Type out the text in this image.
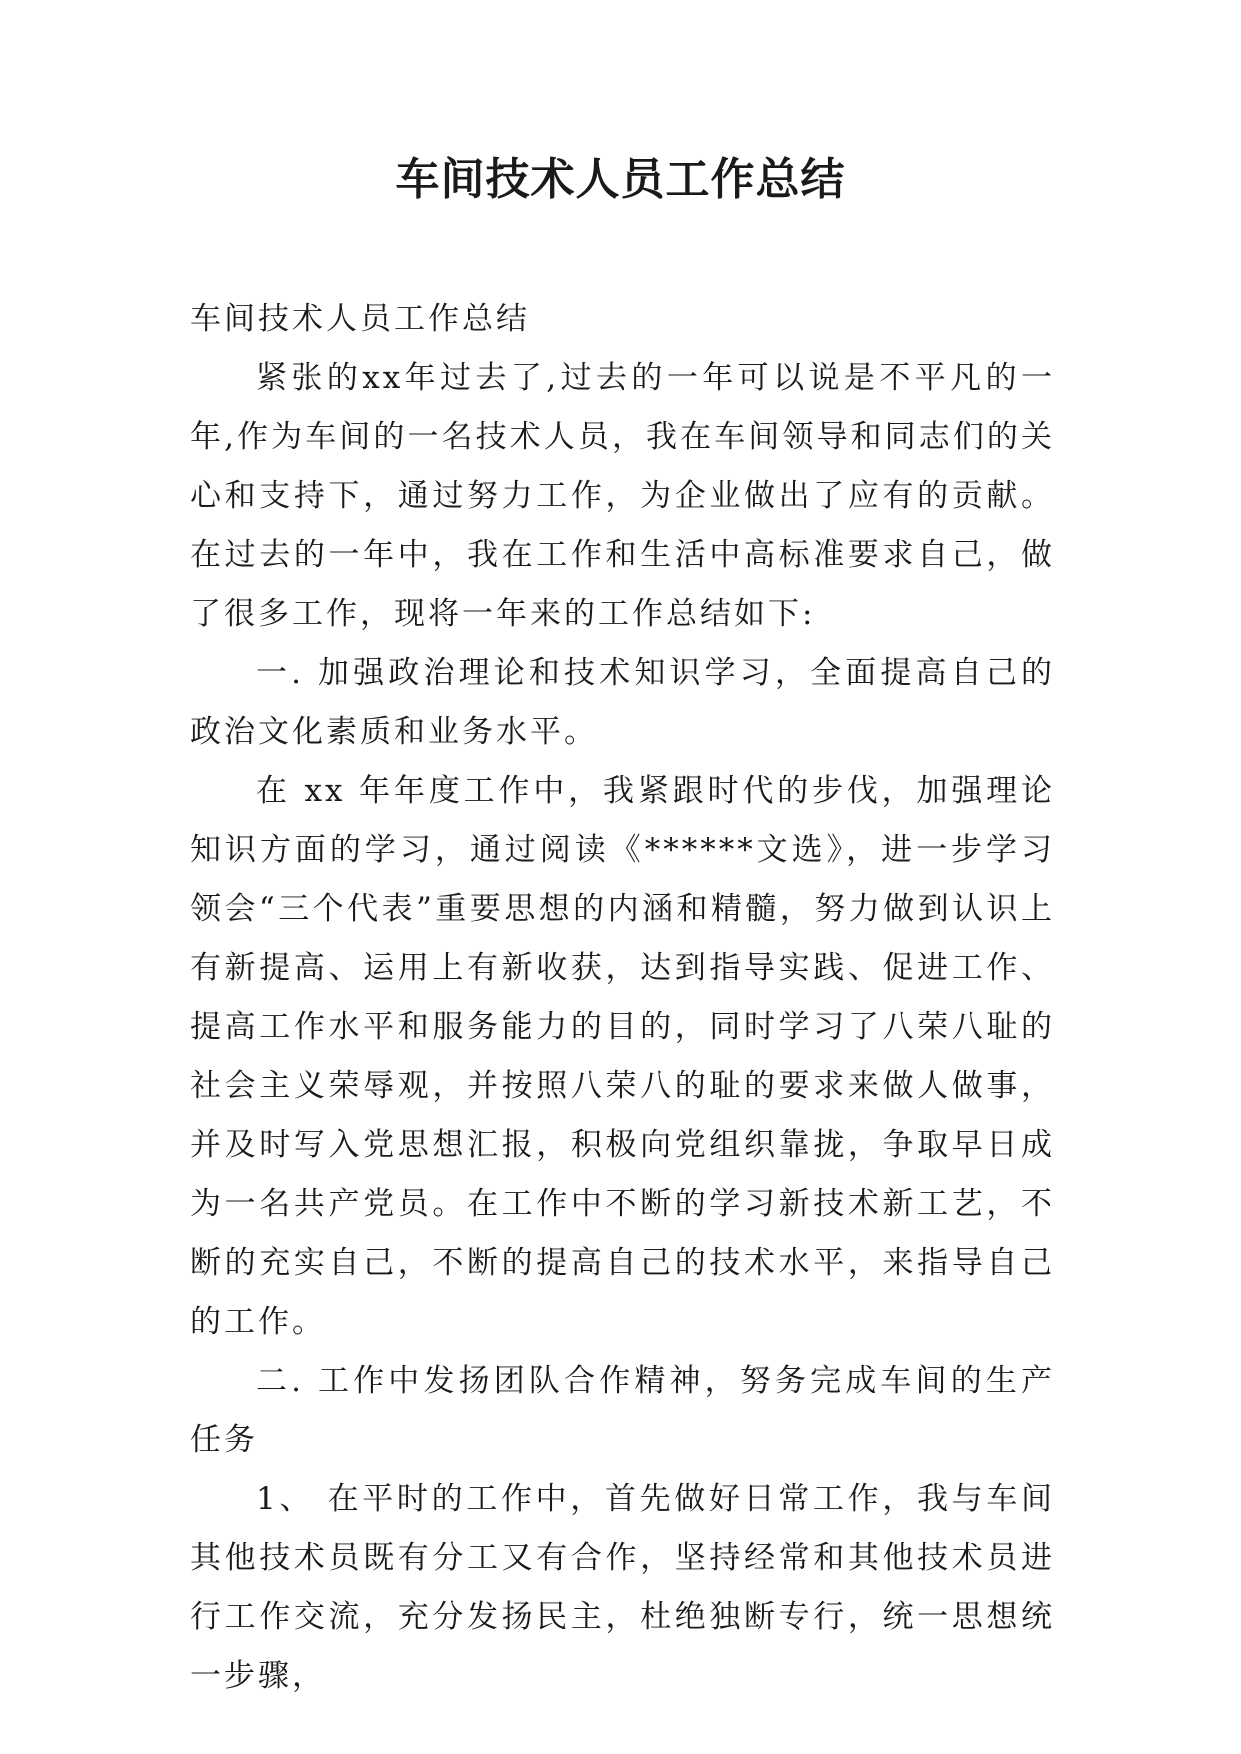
车间技术人员工作总结

车间技术人员工作总结

紧张的xx年过去了,过去的一年可以说是不平凡的一年,作为车间的一名技术人员，我在车间领导和同志们的关心和支持下，通过努力工作，为企业做出了应有的贡献。在过去的一年中，我在工作和生活中高标准要求自己，做了很多工作，现将一年来的工作总结如下:

一. 加强政治理论和技术知识学习，全面提高自己的政治文化素质和业务水平。

在 xx 年年度工作中，我紧跟时代的步伐，加强理论知识方面的学习，通过阅读《******文选》，进一步学习领会“三个代表”重要思想的内涵和精髓，努力做到认识上有新提高、运用上有新收获，达到指导实践、促进工作、提高工作水平和服务能力的目的，同时学习了八荣八耻的社会主义荣辱观，并按照八荣八的耻的要求来做人做事，并及时写入党思想汇报，积极向党组织靠拢，争取早日成为一名共产党员。在工作中不断的学习新技术新工艺，不断的充实自己，不断的提高自己的技术水平，来指导自己的工作。

二. 工作中发扬团队合作精神，努务完成车间的生产任务

1、 在平时的工作中，首先做好日常工作，我与车间其他技术员既有分工又有合作，坚持经常和其他技术员进行工作交流，充分发扬民主，杜绝独断专行，统一思想统一步骤，
